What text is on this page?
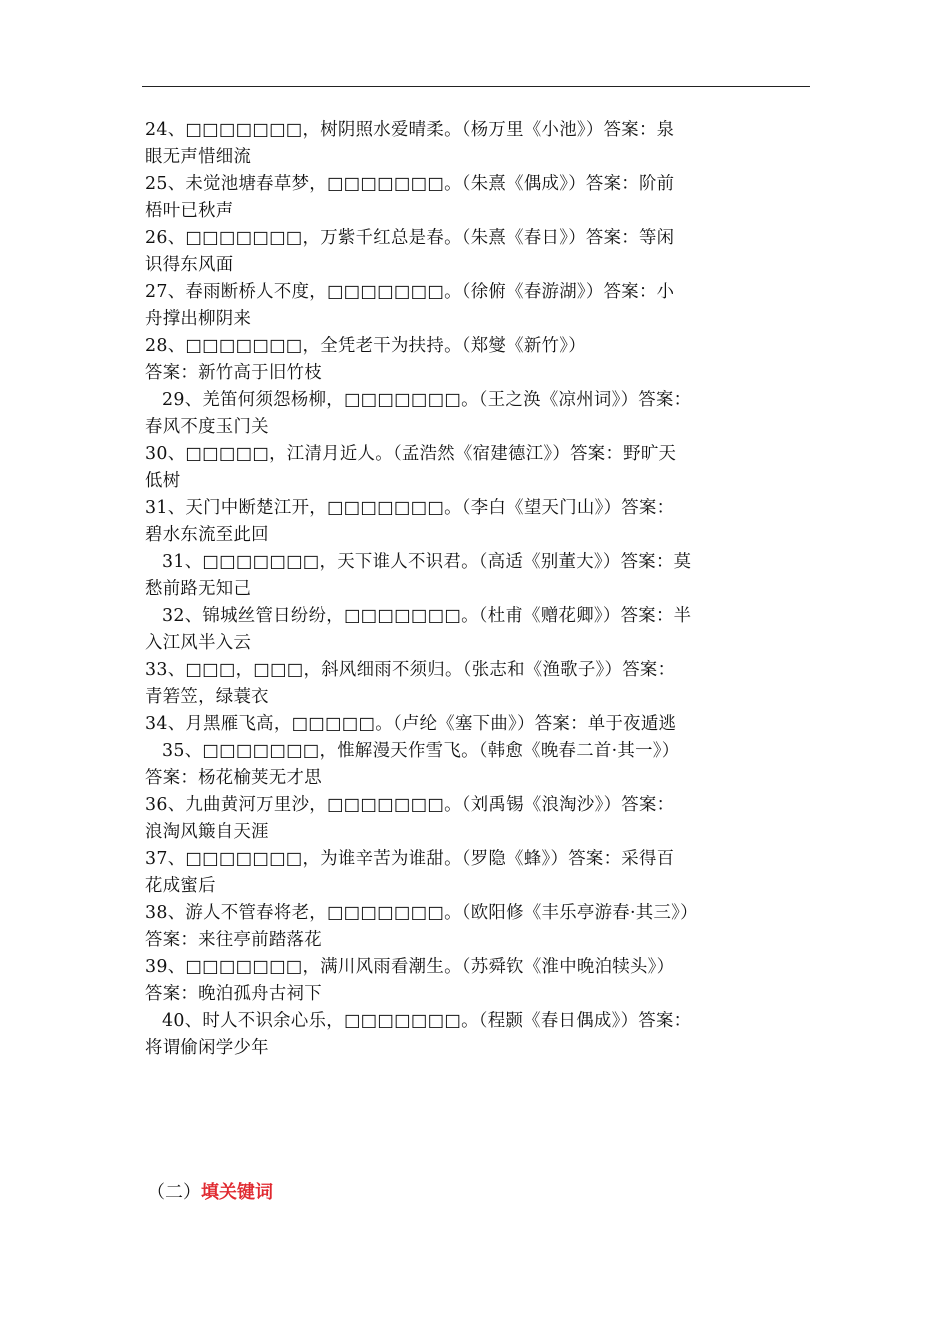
24、□□□□□□□，树阴照水爱晴柔。（杨万里《小池》）答案：泉
眼无声惜细流
25、未觉池塘春草梦，□□□□□□□。（朱熹《偶成》）答案：阶前
梧叶已秋声
26、□□□□□□□，万紫千红总是春。（朱熹《春日》）答案：等闲
识得东风面
27、春雨断桥人不度，□□□□□□□。（徐俯《春游湖》）答案：小
舟撑出柳阴来
28、□□□□□□□，全凭老干为扶持。（郑燮《新竹》）
答案：新竹高于旧竹枝
29、羌笛何须怨杨柳，□□□□□□□。（王之涣《凉州词》）答案：
春风不度玉门关
30、□□□□□，江清月近人。（孟浩然《宿建德江》）答案：野旷天
低树
31、天门中断楚江开，□□□□□□□。（李白《望天门山》）答案：
碧水东流至此回
31、□□□□□□□，天下谁人不识君。（高适《别董大》）答案：莫
愁前路无知己
32、锦城丝管日纷纷，□□□□□□□。（杜甫《赠花卿》）答案：半
入江风半入云
33、□□□，□□□，斜风细雨不须归。（张志和《渔歌子》）答案：
青箬笠，绿蓑衣
34、月黑雁飞高，□□□□□。（卢纶《塞下曲》）答案：单于夜遁逃
35、□□□□□□□，惟解漫天作雪飞。（韩愈《晚春二首·其一》）
答案：杨花榆荚无才思
36、九曲黄河万里沙，□□□□□□□。（刘禹锡《浪淘沙》）答案：
浪淘风簸自天涯
37、□□□□□□□，为谁辛苦为谁甜。（罗隐《蜂》）答案：采得百
花成蜜后
38、游人不管春将老，□□□□□□□。（欧阳修《丰乐亭游春·其三》）
答案：来往亭前踏落花
39、□□□□□□□，满川风雨看潮生。（苏舜钦《淮中晚泊犊头》）
答案：晚泊孤舟古祠下
40、时人不识余心乐，□□□□□□□。（程颢《春日偶成》）答案：
将谓偷闲学少年
（二）填关键词
